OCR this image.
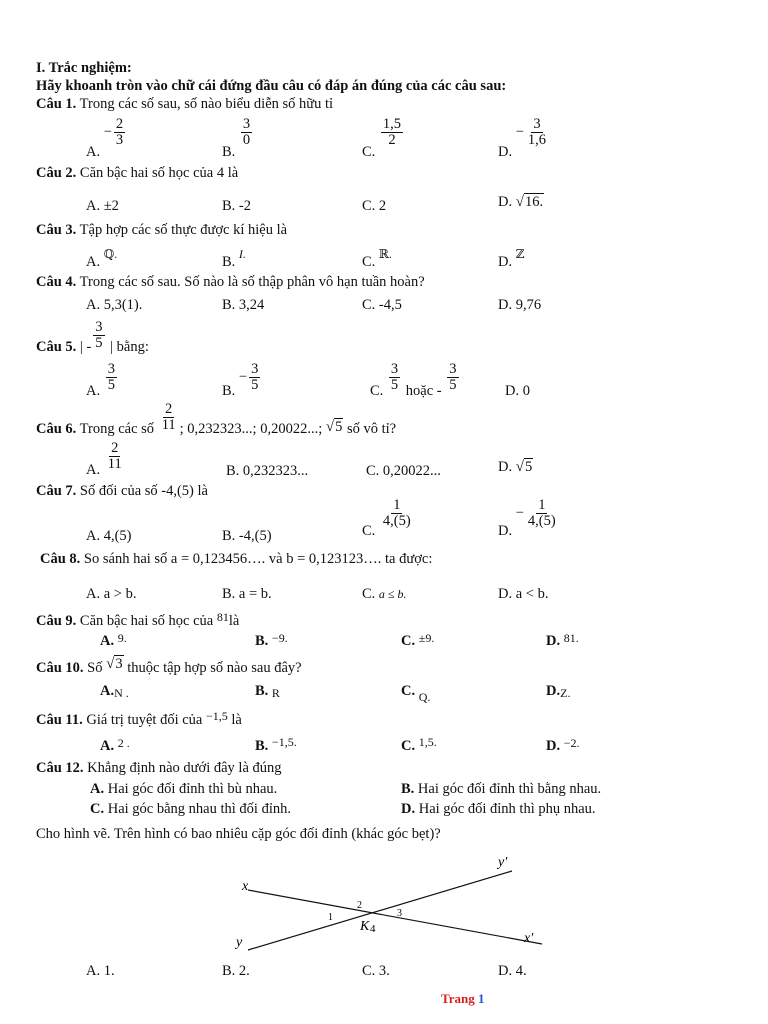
I. Trắc nghiệm:
Hãy khoanh tròn vào chữ cái đứng đầu câu có đáp án đúng của các câu sau:
Câu 1. Trong các số sau, số nào biểu diễn số hữu tỉ
A. − $\frac{2}{3}$
B.
$\frac{3}{0}$
C.
$\frac{1,5}{2}$
D. − $\frac{3}{1,6}$
Câu 2. Căn bậc hai số học của 4 là
A. ±2	B. -2	C. 2	D. √16.
Câu 3. Tập hợp các số thực được kí hiệu là
A. ℚ.	B. I.	C. ℝ.	D. ℤ
Câu 4. Trong các số sau. Số nào là số thập phân vô hạn tuần hoàn?
A. 5,3(1).	B. 3,24	C. -4,5	D. 9,76
Câu 5. | - $\frac{3}{5}$ | bằng:
A. $\frac{3}{5}$	B. − $\frac{3}{5}$	C. $\frac{3}{5}$ hoặc - $\frac{3}{5}$	D. 0
Câu 6. Trong các số $\frac{2}{11}$ ; 0,232323...; 0,20022...; √5 số vô tỉ?
A. $\frac{2}{11}$	B. 0,232323...	C. 0,20022...	D. √5
Câu 7. Số đối của số -4,(5) là
A. 4,(5)	B. -4,(5)	C.
$\frac{1}{4,(5)}$
D. − $\frac{1}{4,(5)}$
Câu 8. So sánh hai số a = 0,123456…. và b = 0,123123…. ta được:
A. a > b.	B. a = b.	C. a ≤ b.	D. a < b.
Câu 9. Căn bậc hai số học của $^{81}$là
A. $^{9.}$	B. $^{-9.}$	C. $^{\pm 9.}$	D. $^{81.}$
Câu 10. Số √3 thuộc tập hợp số nào sau đây?
A.N .	B. R	C. $_{Q.}$	D.Z.
Câu 11. Giá trị tuyệt đối của $^{-1,5}$ là
A. $^{2 .}$	B. $^{-1,5.}$	C. $^{1,5.}$	D. $^{-2.}$
Câu 12. Khẳng định nào dưới đây là đúng
A. Hai góc đối đỉnh thì bù nhau.	B. Hai góc đối đỉnh thì bằng nhau.
C. Hai góc bằng nhau thì đối đỉnh.	D. Hai góc đối đỉnh thì phụ nhau.
Cho hình vẽ. Trên hình có bao nhiêu cặp góc đối đỉnh (khác góc bẹt)?
x
y
y′
x′
K 4
1
2
3
A. 1.	B. 2.	C. 3.	D. 4.
Trang 1
